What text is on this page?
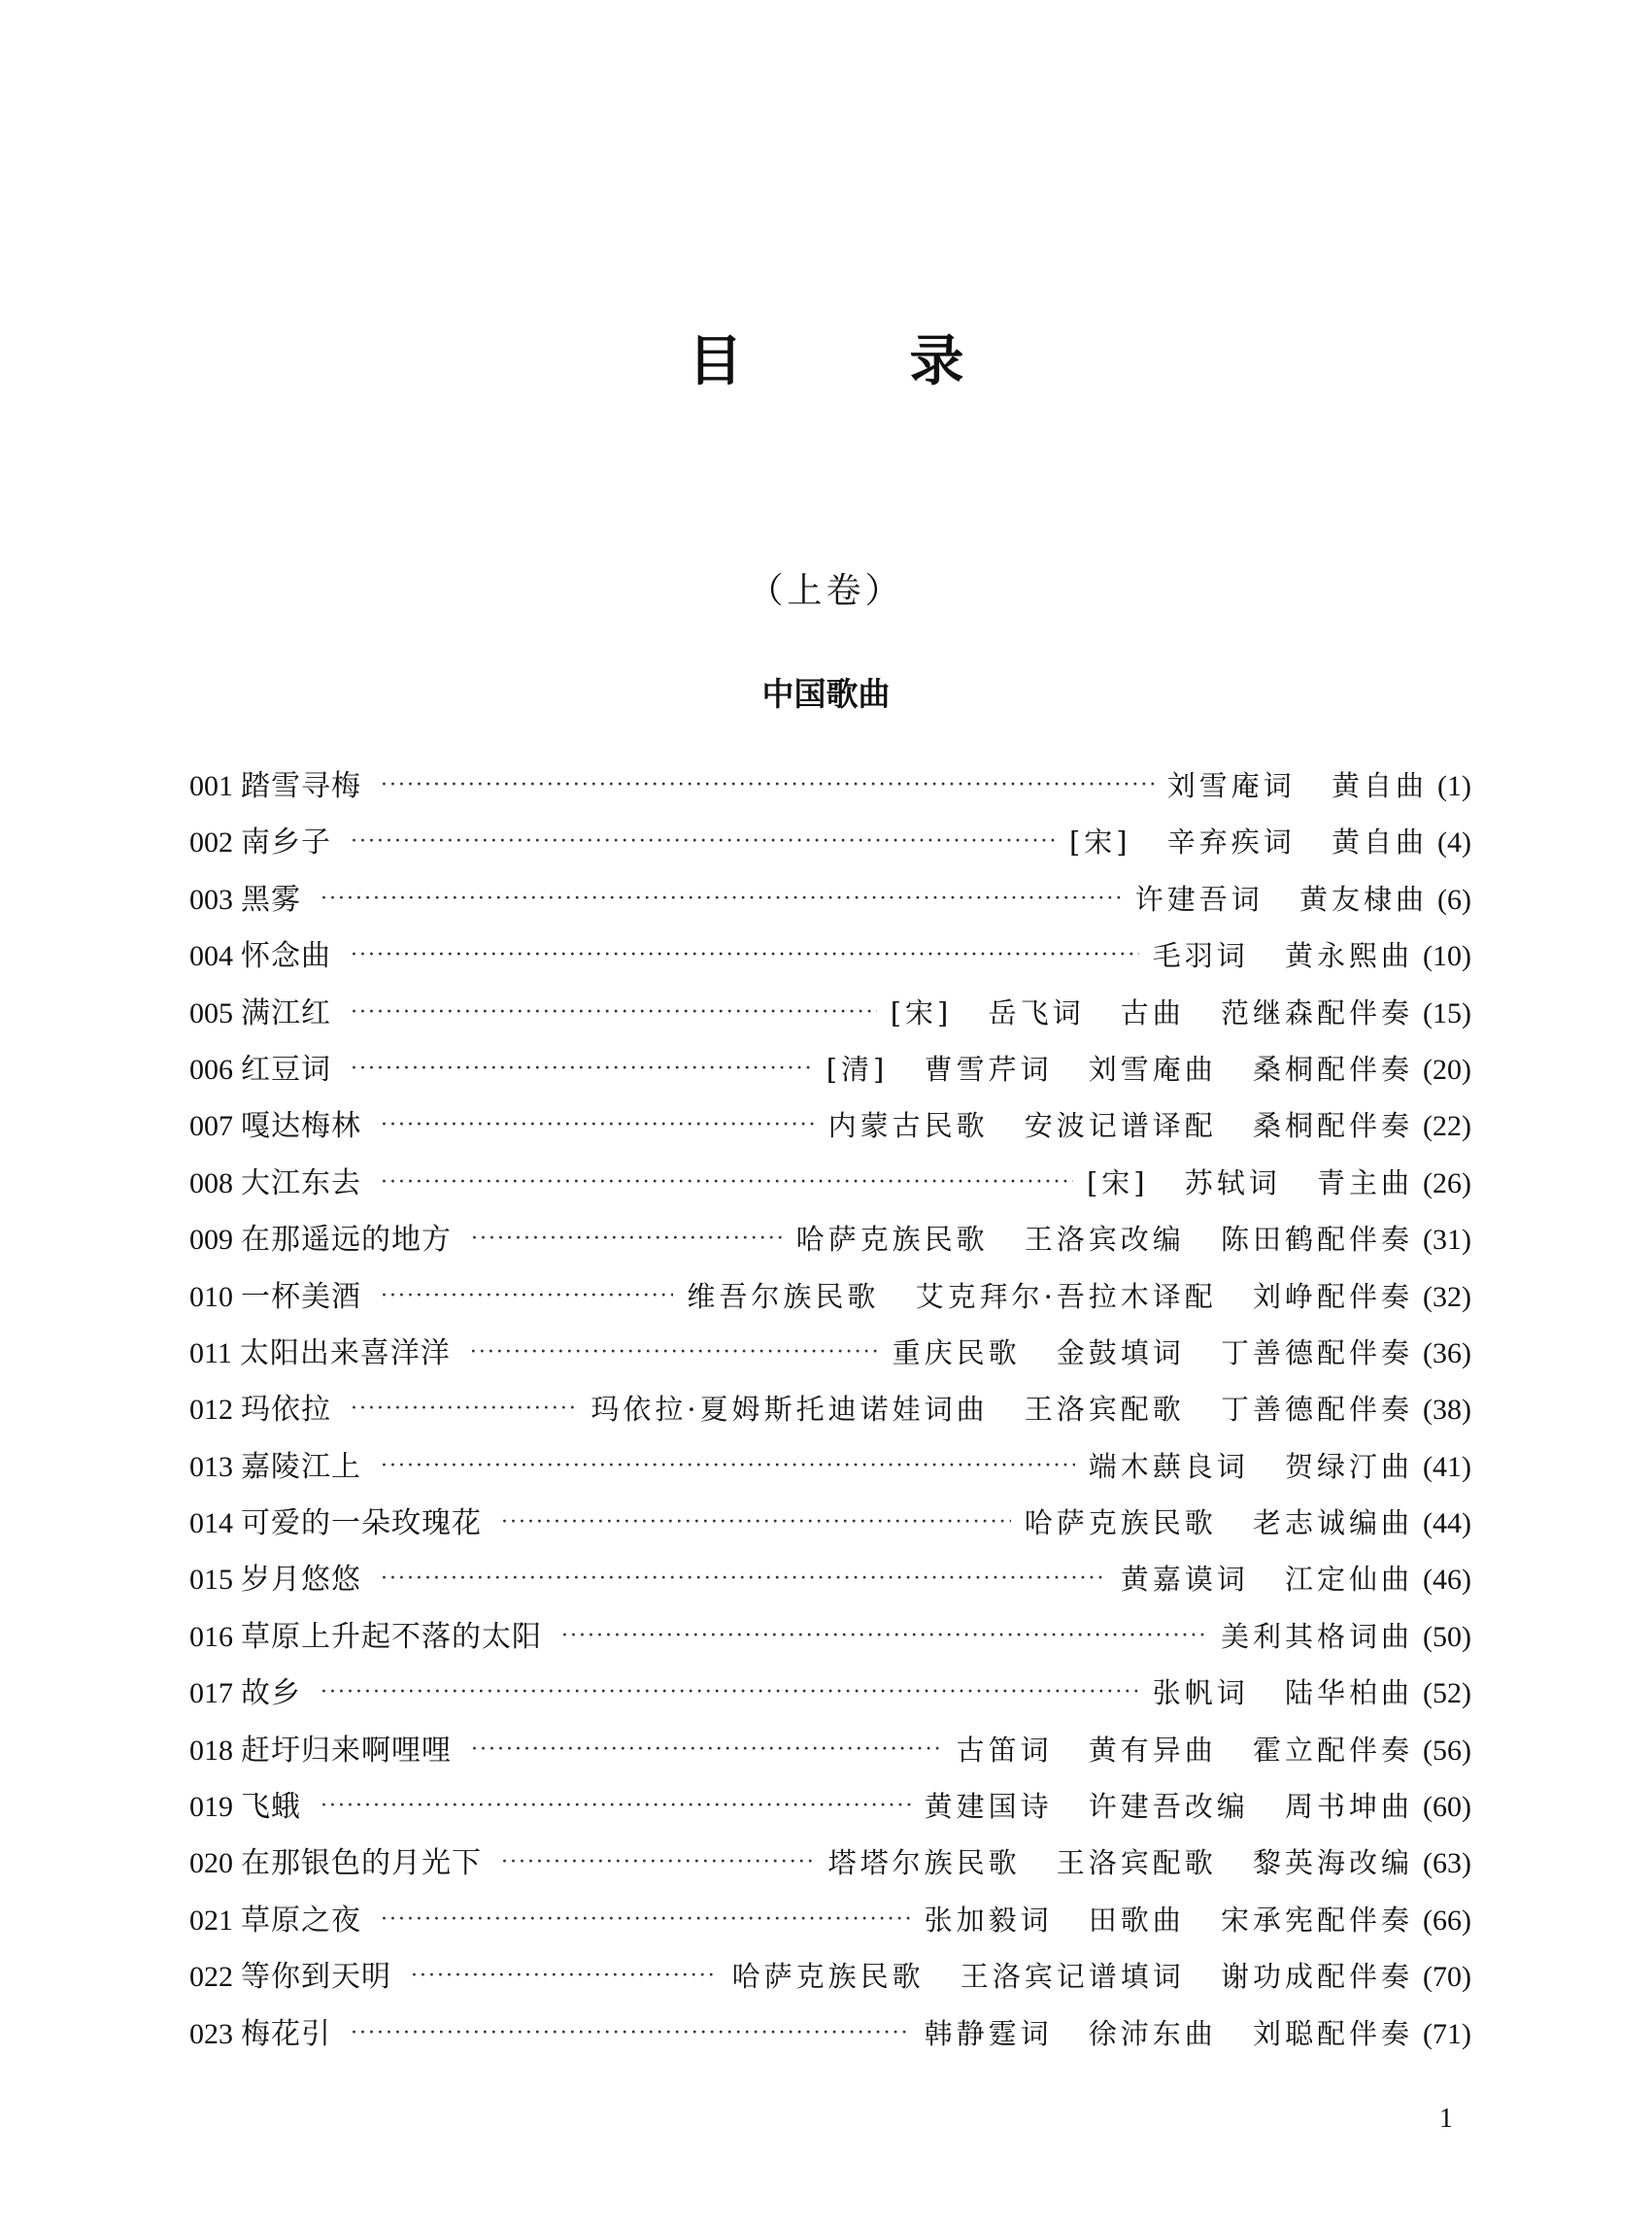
目　录
（上卷）
中国歌曲
001 踏雪寻梅 ·····	刘雪庵词 黄自曲 (1)
002 南乡子 ·····	[宋] 辛弃疾词 黄自曲 (4)
003 黑雾 ·····	许建吾词 黄友棣曲 (6)
004 怀念曲 ·····	毛羽词 黄永熙曲 (10)
005 满江红 ·····	[宋] 岳飞词 古曲 范继森配伴奏 (15)
006 红豆词 ·····	[清] 曹雪芹词 刘雪庵曲 桑桐配伴奏 (20)
007 嘎达梅林 ·····	内蒙古民歌 安波记谱译配 桑桐配伴奏 (22)
008 大江东去 ·····	[宋] 苏轼词 青主曲 (26)
009 在那遥远的地方 ·····	哈萨克族民歌 王洛宾改编 陈田鹤配伴奏 (31)
010 一杯美酒 ·····	维吾尔族民歌 艾克拜尔·吾拉木译配 刘峥配伴奏 (32)
011 太阳出来喜洋洋 ·····	重庆民歌 金鼓填词 丁善德配伴奏 (36)
012 玛依拉 ·····	玛依拉·夏姆斯托迪诺娃词曲 王洛宾配歌 丁善德配伴奏 (38)
013 嘉陵江上 ·····	端木蕻良词 贺绿汀曲 (41)
014 可爱的一朵玫瑰花 ·····	哈萨克族民歌 老志诚编曲 (44)
015 岁月悠悠 ·····	黄嘉谟词 江定仙曲 (46)
016 草原上升起不落的太阳 ·····	美利其格词曲 (50)
017 故乡 ·····	张帆词 陆华柏曲 (52)
018 赶圩归来啊哩哩 ·····	古笛词 黄有异曲 霍立配伴奏 (56)
019 飞蛾 ·····	黄建国诗 许建吾改编 周书坤曲 (60)
020 在那银色的月光下 ·····	塔塔尔族民歌 王洛宾配歌 黎英海改编 (63)
021 草原之夜 ·····	张加毅词 田歌曲 宋承宪配伴奏 (66)
022 等你到天明 ·····	哈萨克族民歌 王洛宾记谱填词 谢功成配伴奏 (70)
023 梅花引 ·····	韩静霆词 徐沛东曲 刘聪配伴奏 (71)
1
